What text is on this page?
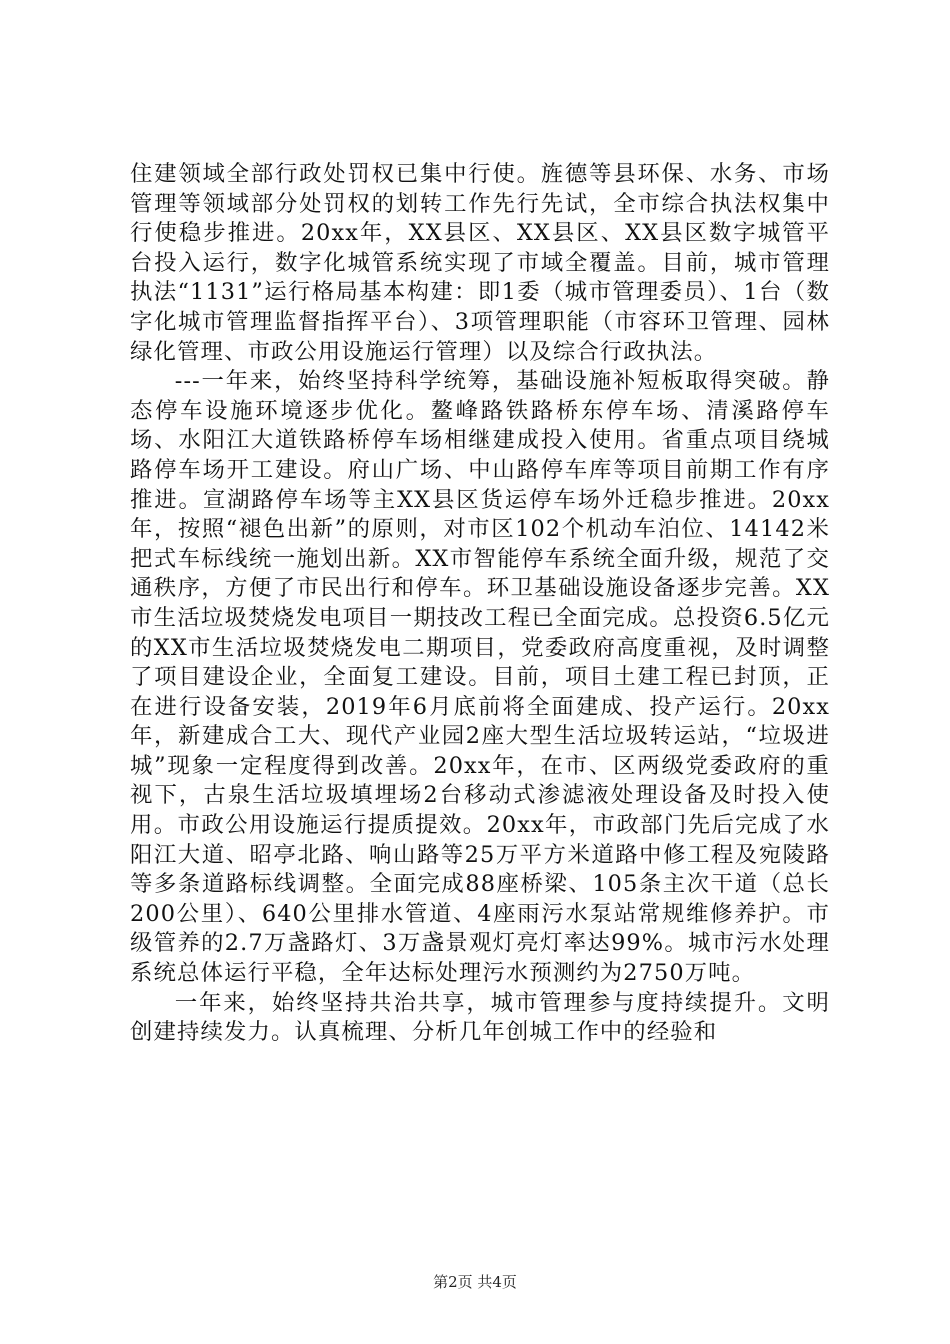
住建领域全部行政处罚权已集中行使。旌德等县环保、水务、市场管理等领域部分处罚权的划转工作先行先试，全市综合执法权集中行使稳步推进。20xx年，XX县区、XX县区、XX县区数字城管平台投入运行，数字化城管系统实现了市域全覆盖。目前，城市管理执法“1131”运行格局基本构建：即1委（城市管理委员）、1台（数字化城市管理监督指挥平台）、3项管理职能（市容环卫管理、园林绿化管理、市政公用设施运行管理）以及综合行政执法。

---一年来，始终坚持科学统筹，基础设施补短板取得突破。静态停车设施环境逐步优化。鳌峰路铁路桥东停车场、清溪路停车场、水阳江大道铁路桥停车场相继建成投入使用。省重点项目绕城路停车场开工建设。府山广场、中山路停车库等项目前期工作有序推进。宣湖路停车场等主XX县区货运停车场外迁稳步推进。20xx年，按照“褪色出新”的原则，对市区102个机动车泊位、14142米把式车标线统一施划出新。XX市智能停车系统全面升级，规范了交通秩序，方便了市民出行和停车。环卫基础设施设备逐步完善。XX市生活垃圾焚烧发电项目一期技改工程已全面完成。总投资6.5亿元的XX市生活垃圾焚烧发电二期项目，党委政府高度重视，及时调整了项目建设企业，全面复工建设。目前，项目土建工程已封顶，正在进行设备安装，2019年6月底前将全面建成、投产运行。20xx年，新建成合工大、现代产业园2座大型生活垃圾转运站，“垃圾进城”现象一定程度得到改善。20xx年，在市、区两级党委政府的重视下，古泉生活垃圾填埋场2台移动式渗滤液处理设备及时投入使用。市政公用设施运行提质提效。20xx年，市政部门先后完成了水阳江大道、昭亭北路、响山路等25万平方米道路中修工程及宛陵路等多条道路标线调整。全面完成88座桥梁、105条主次干道（总长200公里）、640公里排水管道、4座雨污水泵站常规维修养护。市级管养的2.7万盏路灯、3万盏景观灯亮灯率达99%。城市污水处理系统总体运行平稳，全年达标处理污水预测约为2750万吨。

一年来，始终坚持共治共享，城市管理参与度持续提升。文明创建持续发力。认真梳理、分析几年创城工作中的经验和

第2页 共4页
